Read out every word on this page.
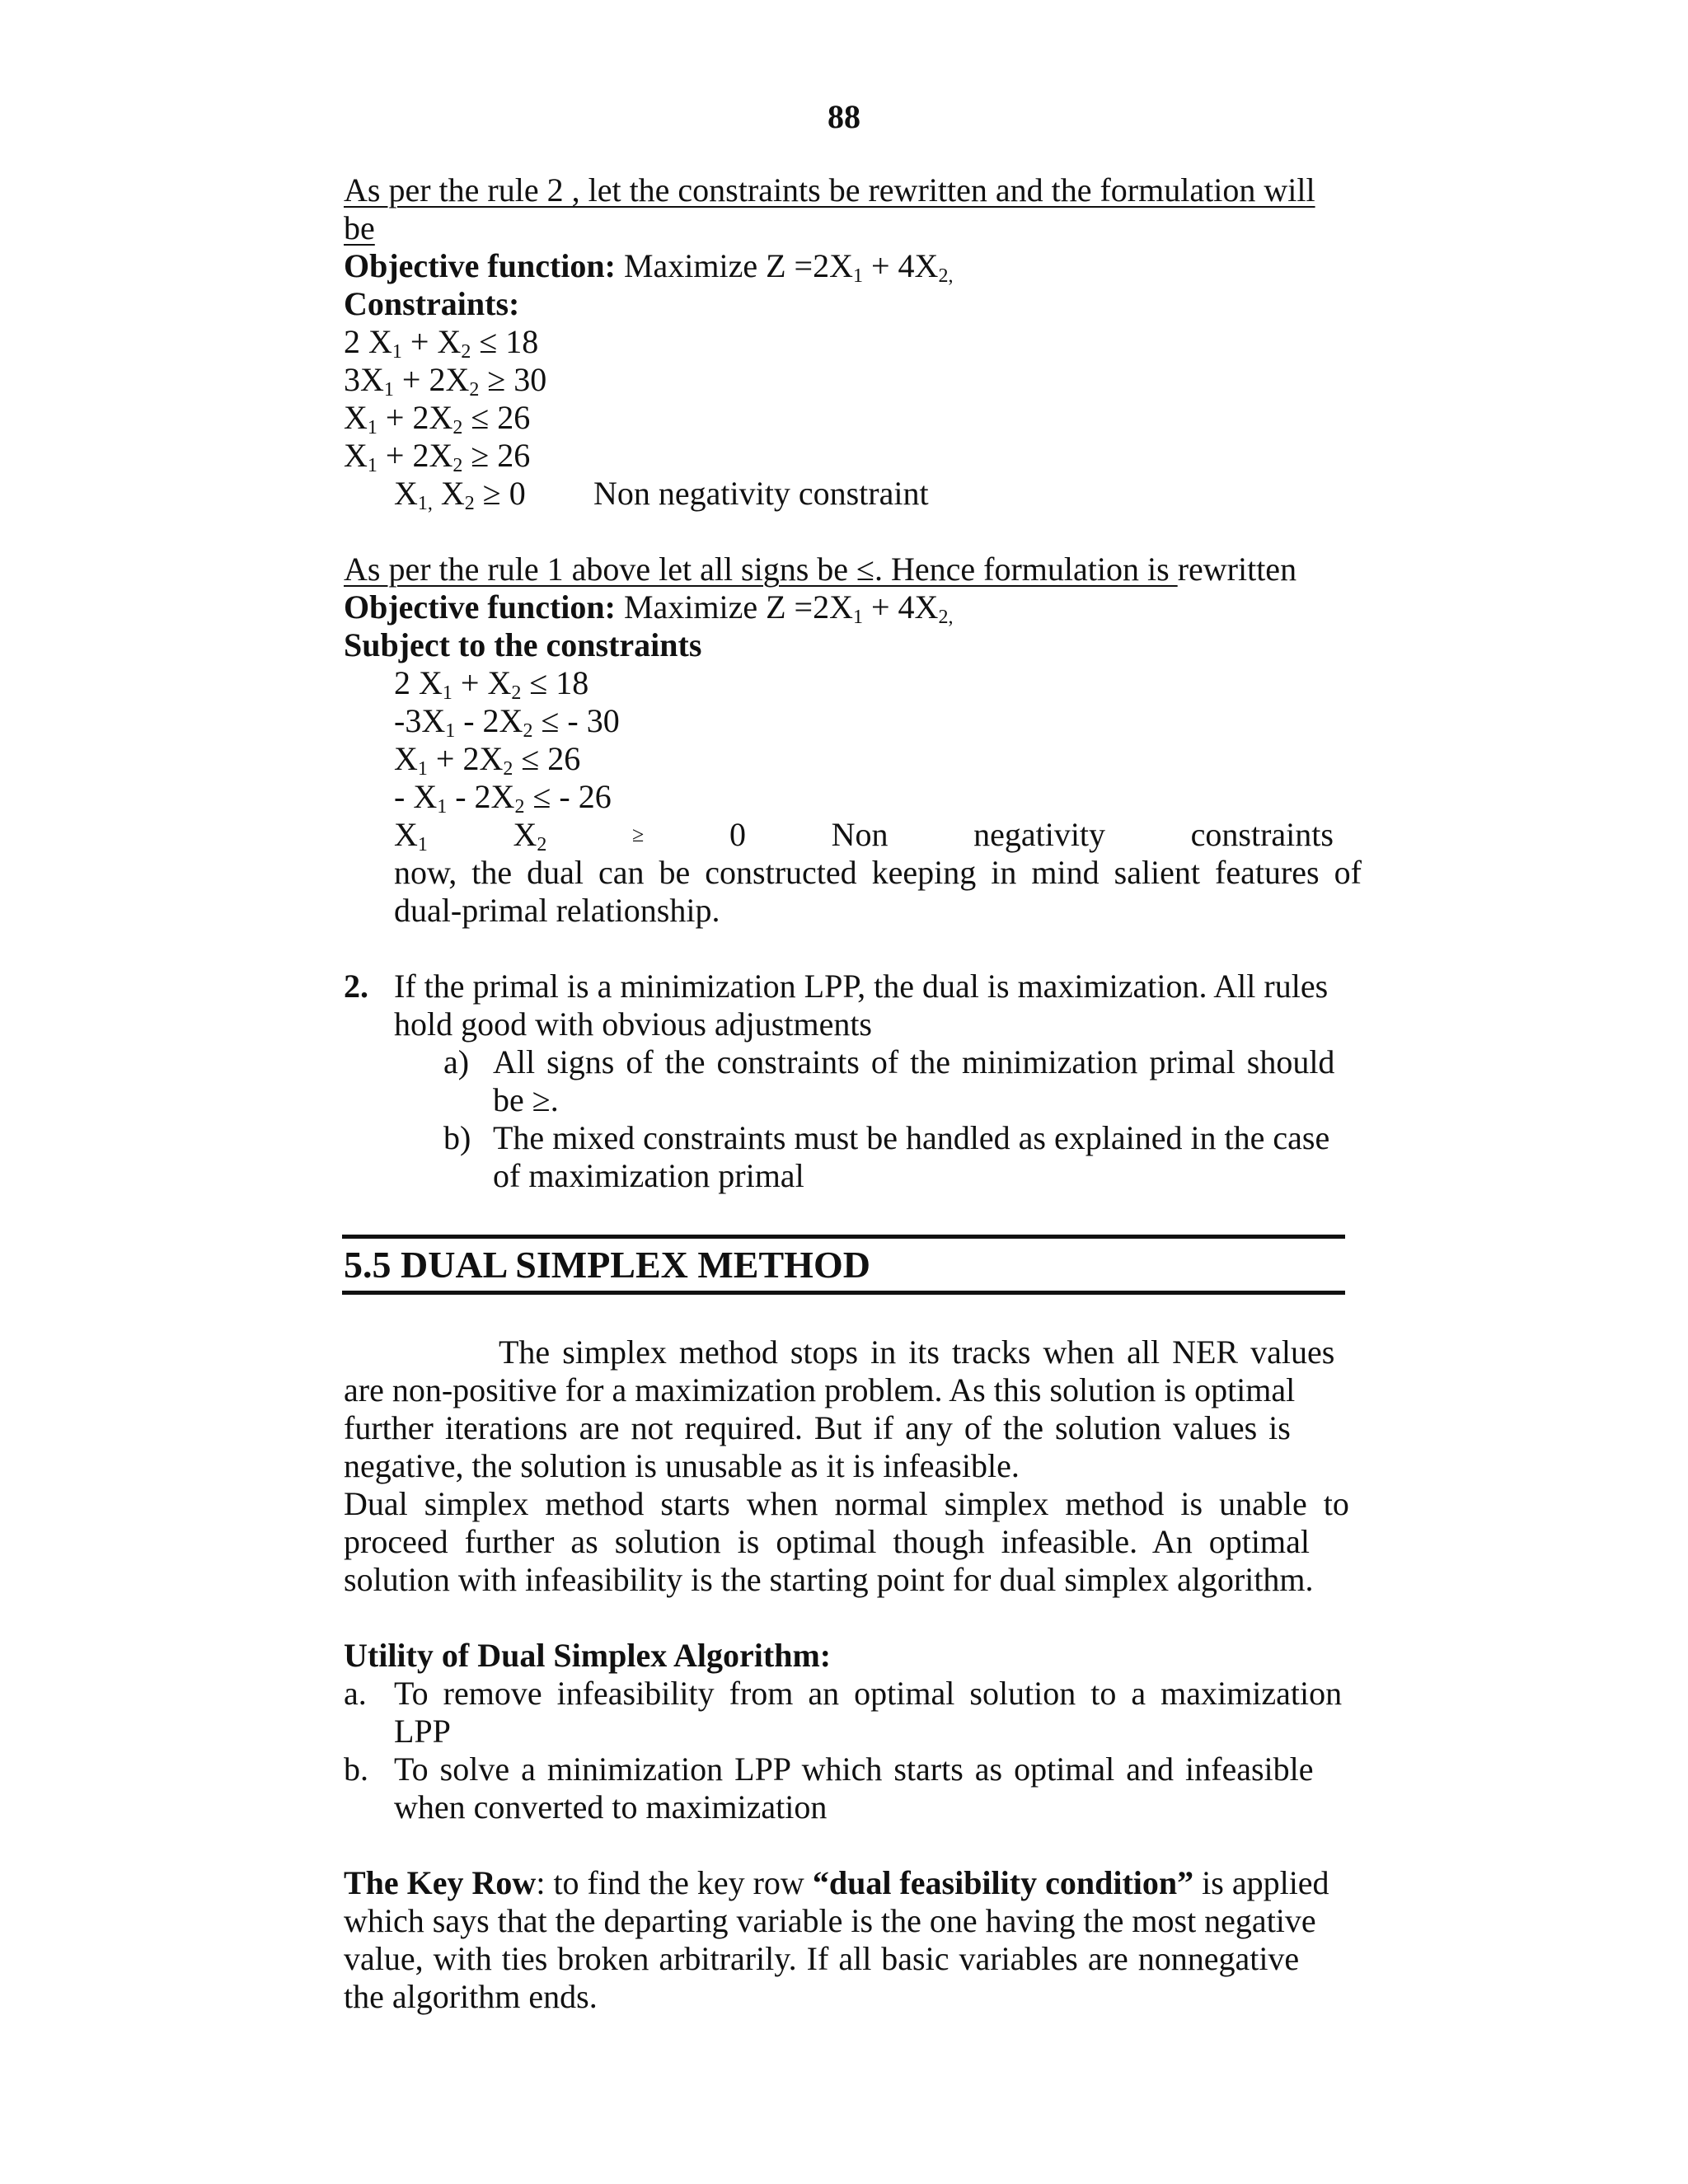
88
As per the rule 2 , let the constraints be rewritten and the formulation will
be
Objective function: Maximize $Z =2X_1 + 4X_{2,}$
Constraints:
2 $X_1 + X_2 \le 18$
$3X_1 + 2X_2 \ge 30$
$X_1 + 2X_2 \le 26$
$X_1 + 2X_2 \ge 26$
$X_{1,}$ $X_2 \ge 0$ Non negativity constraint
As per the rule 1 above let all signs be ≤. Hence formulation is rewritten
Objective function: Maximize $Z =2X_1 + 4X_{2,}$
Subject to the constraints
2 $X_1 + X_2 \le 18$
$-3X_1 - 2X_2$ ≤ - 30
$X_1 + 2X_2 \le 26$
- $X_1 - 2X_2$ ≤ - 26
$X_1$	$X_2$	≥	0	Non	negativity	constraints
now, the dual can be constructed keeping in mind salient features of
dual-primal relationship.
2. If the primal is a minimization LPP, the dual is maximization. All rules
hold good with obvious adjustments
a) All signs of the constraints of the minimization primal should
be ≥.
b) The mixed constraints must be handled as explained in the case
of maximization primal
5.5 DUAL SIMPLEX METHOD
The simplex method stops in its tracks when all NER values
are non-positive for a maximization problem. As this solution is optimal
further iterations are not required. But if any of the solution values is
negative, the solution is unusable as it is infeasible.
Dual simplex method starts when normal simplex method is unable to
proceed further as solution is optimal though infeasible. An optimal
solution with infeasibility is the starting point for dual simplex algorithm.
Utility of Dual Simplex Algorithm:
a. To remove infeasibility from an optimal solution to a maximization
LPP
b. To solve a minimization LPP which starts as optimal and infeasible
when converted to maximization
The Key Row: to find the key row “dual feasibility condition” is applied
which says that the departing variable is the one having the most negative
value, with ties broken arbitrarily. If all basic variables are nonnegative
the algorithm ends.
